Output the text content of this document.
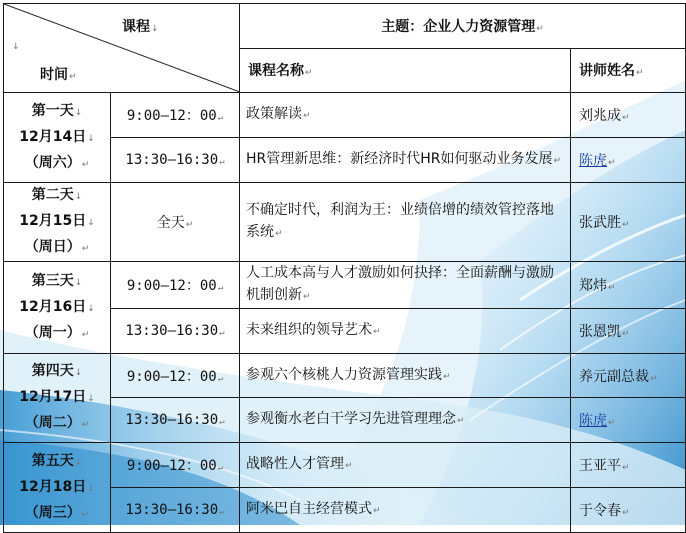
课程↓
↓
时间↵		主题：企业人力资源管理↵	
		课程名称↵	讲师姓名↵

第一天↓
12月14日↓
（周六）↵	9:00—12：00↵	政策解读↵	刘兆成↵
	13:30—16:30↵	HR管理新思维：新经济时代HR如何驱动业务发展↵	陈虎↵

第二天↓
12月15日↓
（周日）↵	全天↵	不确定时代，利润为王：业绩倍增的绩效管控落地系统↵	张武胜↵

第三天↓
12月16日↓
（周一）↵	9:00—12：00↵	人工成本高与人才激励如何抉择：全面薪酬与激励机制创新↵	郑炜↵
	13:30—16:30↵	未来组织的领导艺术↵	张恩凯↵

第四天↓
12月17日↓
（周二）↵	9:00—12：00↵	参观六个核桃人力资源管理实践↵	养元副总裁↵
	13:30—16:30↵	参观衡水老白干学习先进管理理念↵	陈虎↵

第五天↓
12月18日↓
（周三）↵	9:00—12：00↵	战略性人才管理↵	王亚平↵
	13:30—16:30↵	阿米巴自主经营模式↵	于令春↵
